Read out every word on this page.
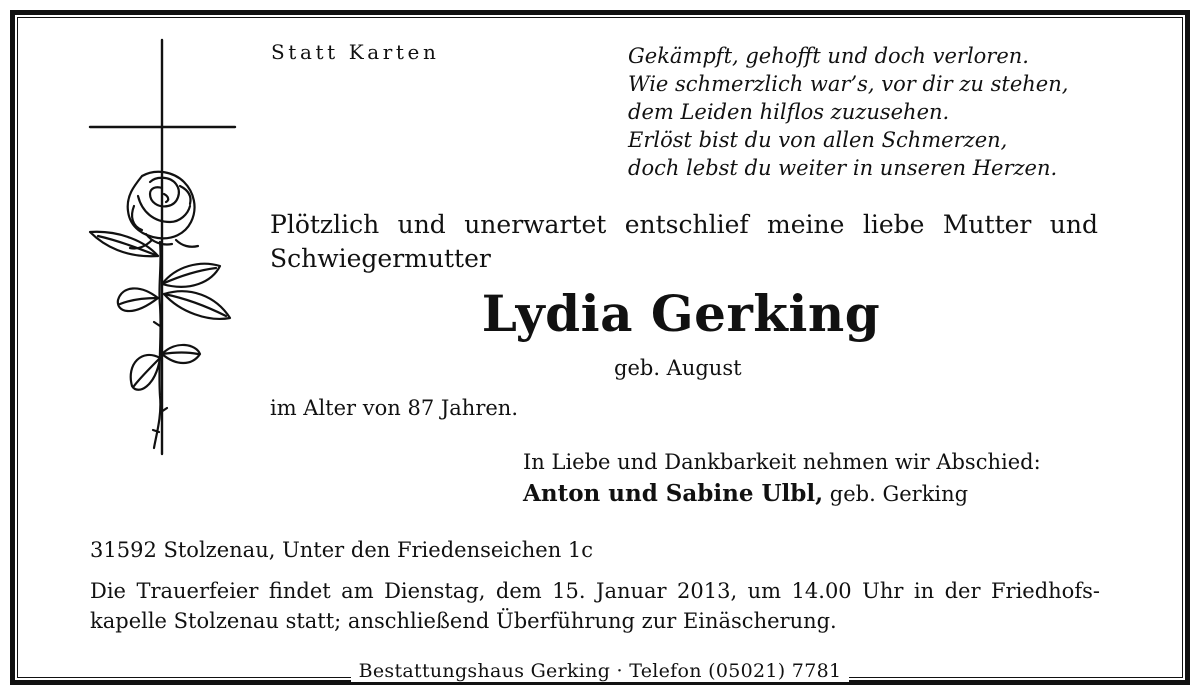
Statt Karten	Gekämpft, gehofft und doch verloren.
Wie schmerzlich war’s, vor dir zu stehen,
dem Leiden hilflos zuzusehen.
Erlöst bist du von allen Schmerzen,
doch lebst du weiter in unseren Herzen.
Plötzlich und unerwartet entschlief meine liebe Mutter und Schwiegermutter
Lydia Gerking
geb. August
im Alter von 87 Jahren.
In Liebe und Dankbarkeit nehmen wir Abschied:
Anton und Sabine Ulbl, geb. Gerking
31592 Stolzenau, Unter den Friedenseichen 1c
Die Trauerfeier findet am Dienstag, dem 15. Januar 2013, um 14.00 Uhr in der Friedhofskapelle Stolzenau statt; anschließend Überführung zur Einäscherung.
Bestattungshaus Gerking · Telefon (05021) 7781
